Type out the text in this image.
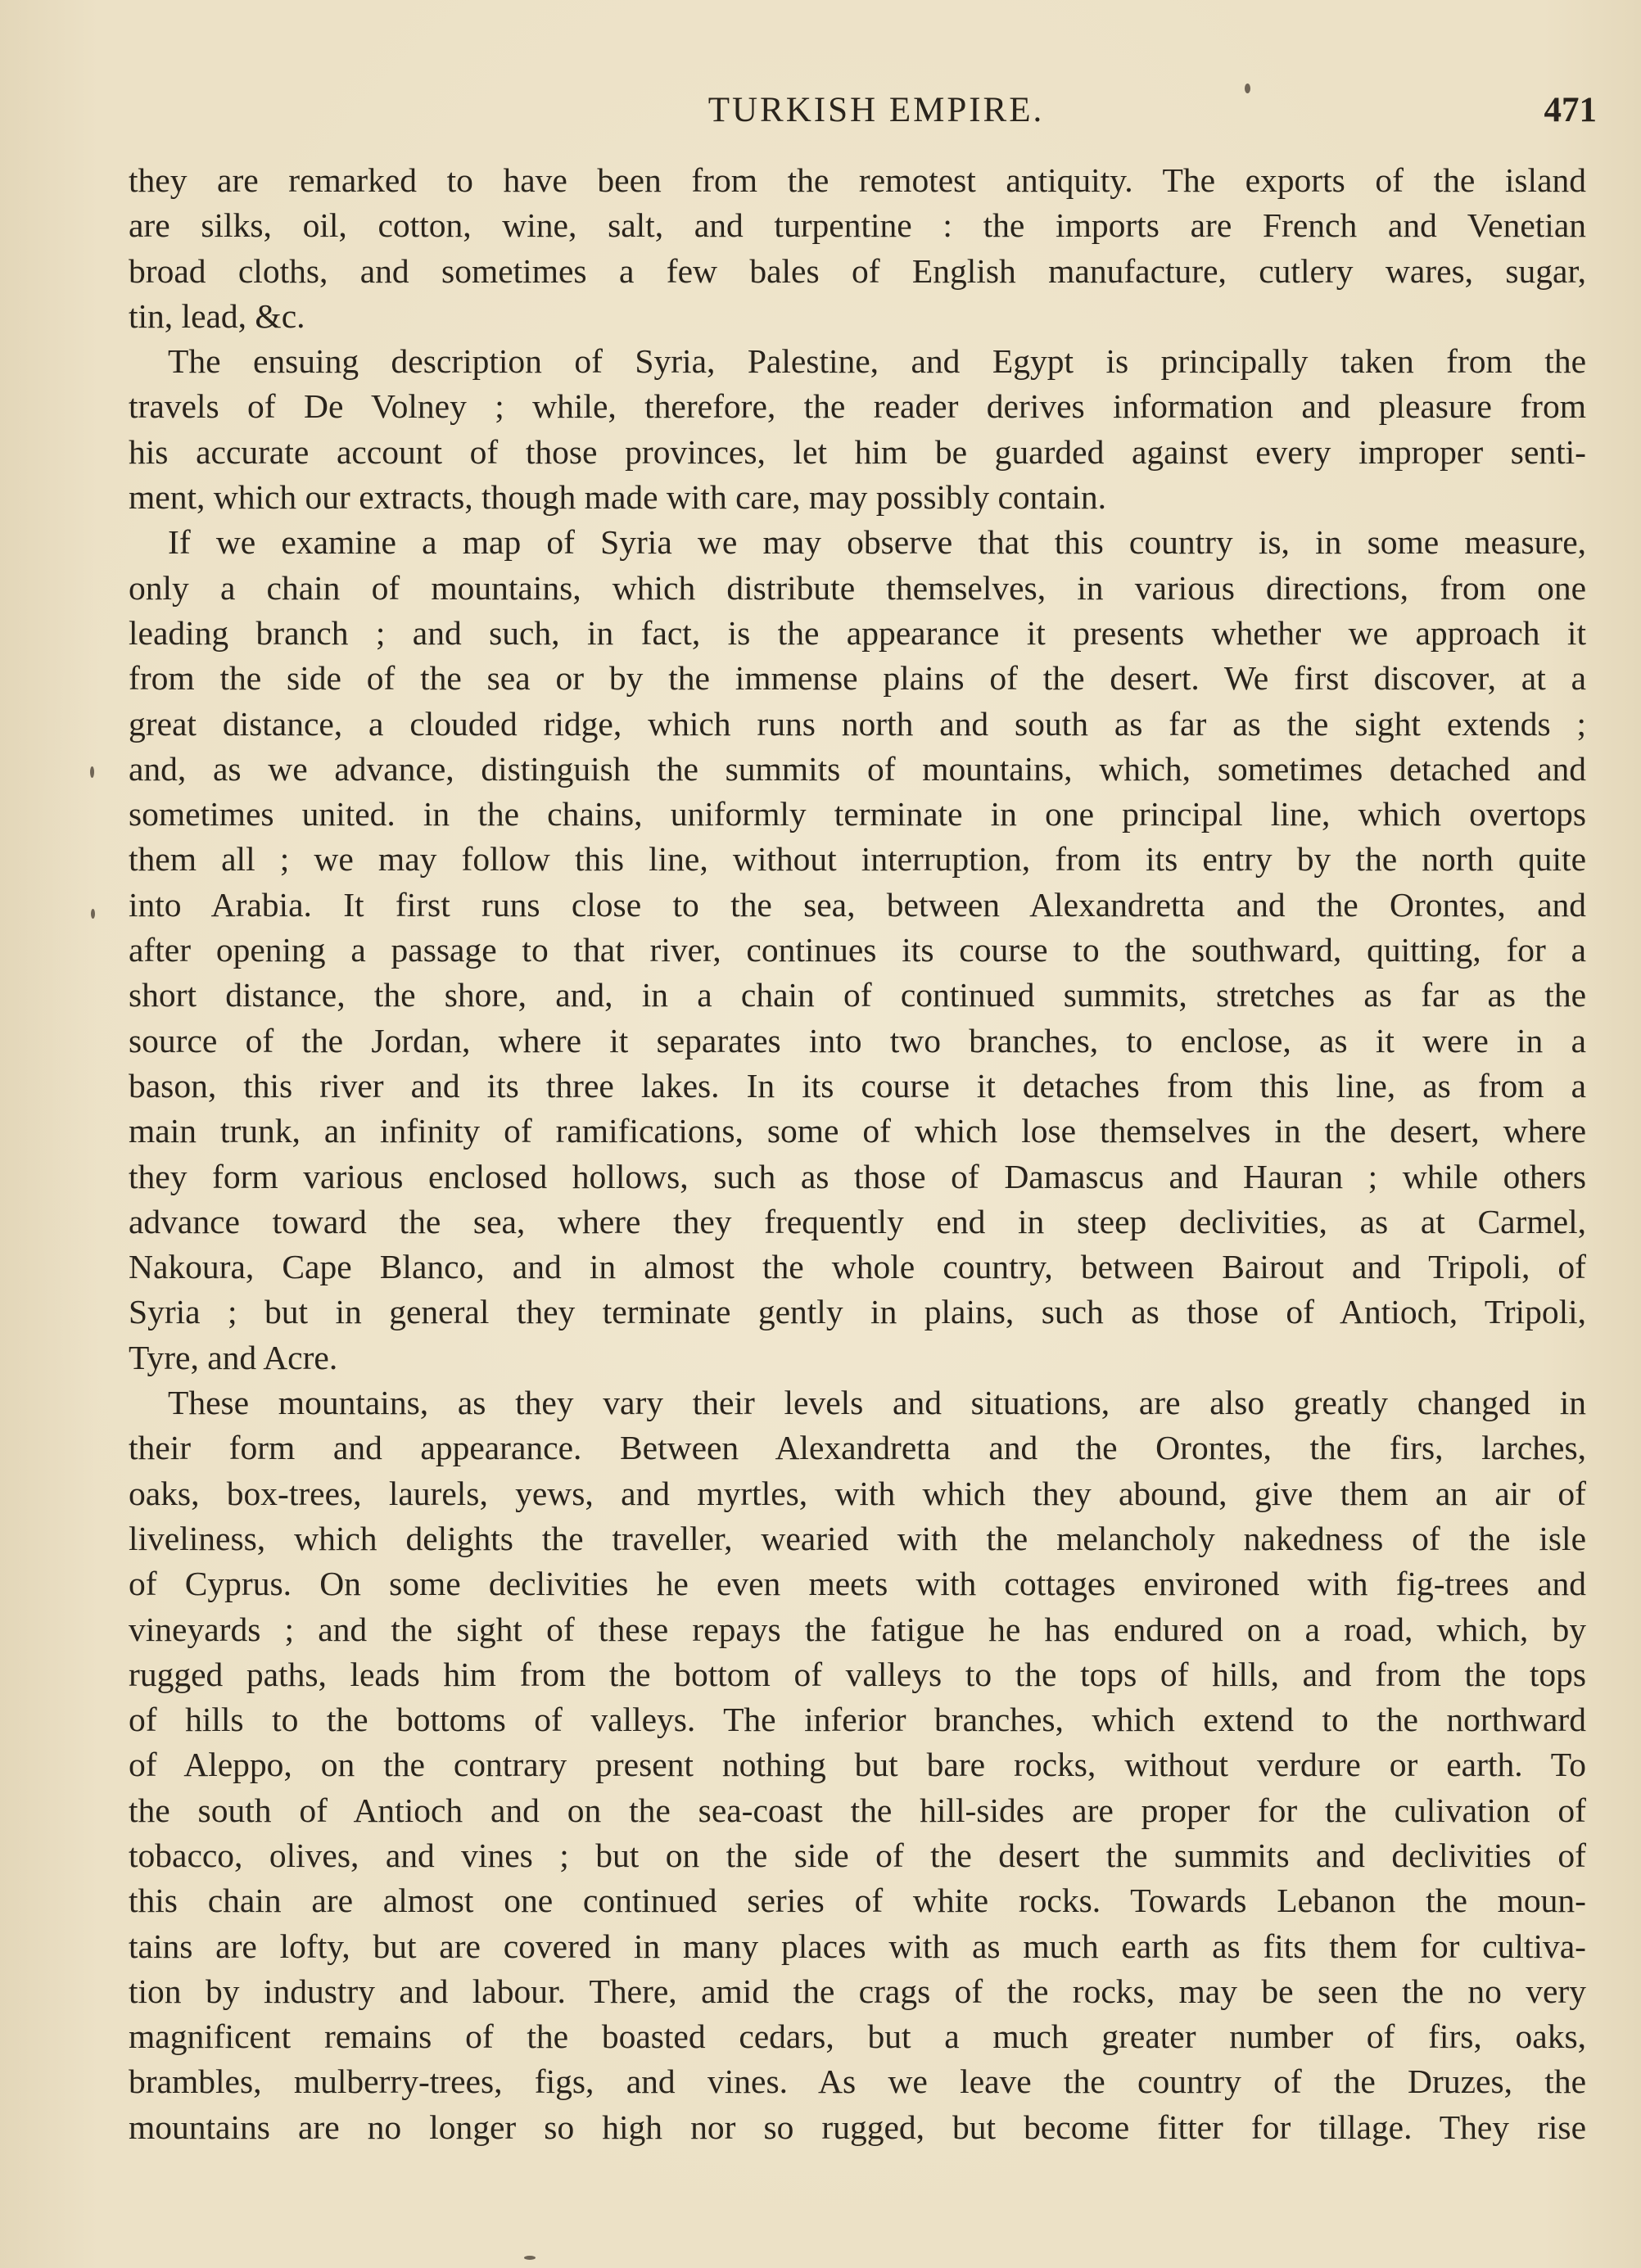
TURKISH EMPIRE.	471

they are remarked to have been from the remotest antiquity. The exports of the island
are silks, oil, cotton, wine, salt, and turpentine : the imports are French and Venetian
broad cloths, and sometimes a few bales of English manufacture, cutlery wares, sugar,
tin, lead, &c.

The ensuing description of Syria, Palestine, and Egypt is principally taken from the
travels of De Volney ; while, therefore, the reader derives information and pleasure from
his accurate account of those provinces, let him be guarded against every improper senti-
ment, which our extracts, though made with care, may possibly contain.

If we examine a map of Syria we may observe that this country is, in some measure,
only a chain of mountains, which distribute themselves, in various directions, from one
leading branch ; and such, in fact, is the appearance it presents whether we approach it
from the side of the sea or by the immense plains of the desert. We first discover, at a
great distance, a clouded ridge, which runs north and south as far as the sight extends ;
and, as we advance, distinguish the summits of mountains, which, sometimes detached and
sometimes united. in the chains, uniformly terminate in one principal line, which overtops
them all ; we may follow this line, without interruption, from its entry by the north quite
into Arabia. It first runs close to the sea, between Alexandretta and the Orontes, and
after opening a passage to that river, continues its course to the southward, quitting, for a
short distance, the shore, and, in a chain of continued summits, stretches as far as the
source of the Jordan, where it separates into two branches, to enclose, as it were in a
bason, this river and its three lakes. In its course it detaches from this line, as from a
main trunk, an infinity of ramifications, some of which lose themselves in the desert, where
they form various enclosed hollows, such as those of Damascus and Hauran ; while others
advance toward the sea, where they frequently end in steep declivities, as at Carmel,
Nakoura, Cape Blanco, and in almost the whole country, between Bairout and Tripoli, of
Syria ; but in general they terminate gently in plains, such as those of Antioch, Tripoli,
Tyre, and Acre.

These mountains, as they vary their levels and situations, are also greatly changed in
their form and appearance. Between Alexandretta and the Orontes, the firs, larches,
oaks, box-trees, laurels, yews, and myrtles, with which they abound, give them an air of
liveliness, which delights the traveller, wearied with the melancholy nakedness of the isle
of Cyprus. On some declivities he even meets with cottages environed with fig-trees and
vineyards ; and the sight of these repays the fatigue he has endured on a road, which, by
rugged paths, leads him from the bottom of valleys to the tops of hills, and from the tops
of hills to the bottoms of valleys. The inferior branches, which extend to the northward
of Aleppo, on the contrary present nothing but bare rocks, without verdure or earth. To
the south of Antioch and on the sea-coast the hill-sides are proper for the culivation of
tobacco, olives, and vines ; but on the side of the desert the summits and declivities of
this chain are almost one continued series of white rocks. Towards Lebanon the moun-
tains are lofty, but are covered in many places with as much earth as fits them for cultiva-
tion by industry and labour. There, amid the crags of the rocks, may be seen the no very
magnificent remains of the boasted cedars, but a much greater number of firs, oaks,
brambles, mulberry-trees, figs, and vines. As we leave the country of the Druzes, the
mountains are no longer so high nor so rugged, but become fitter for tillage. They rise
